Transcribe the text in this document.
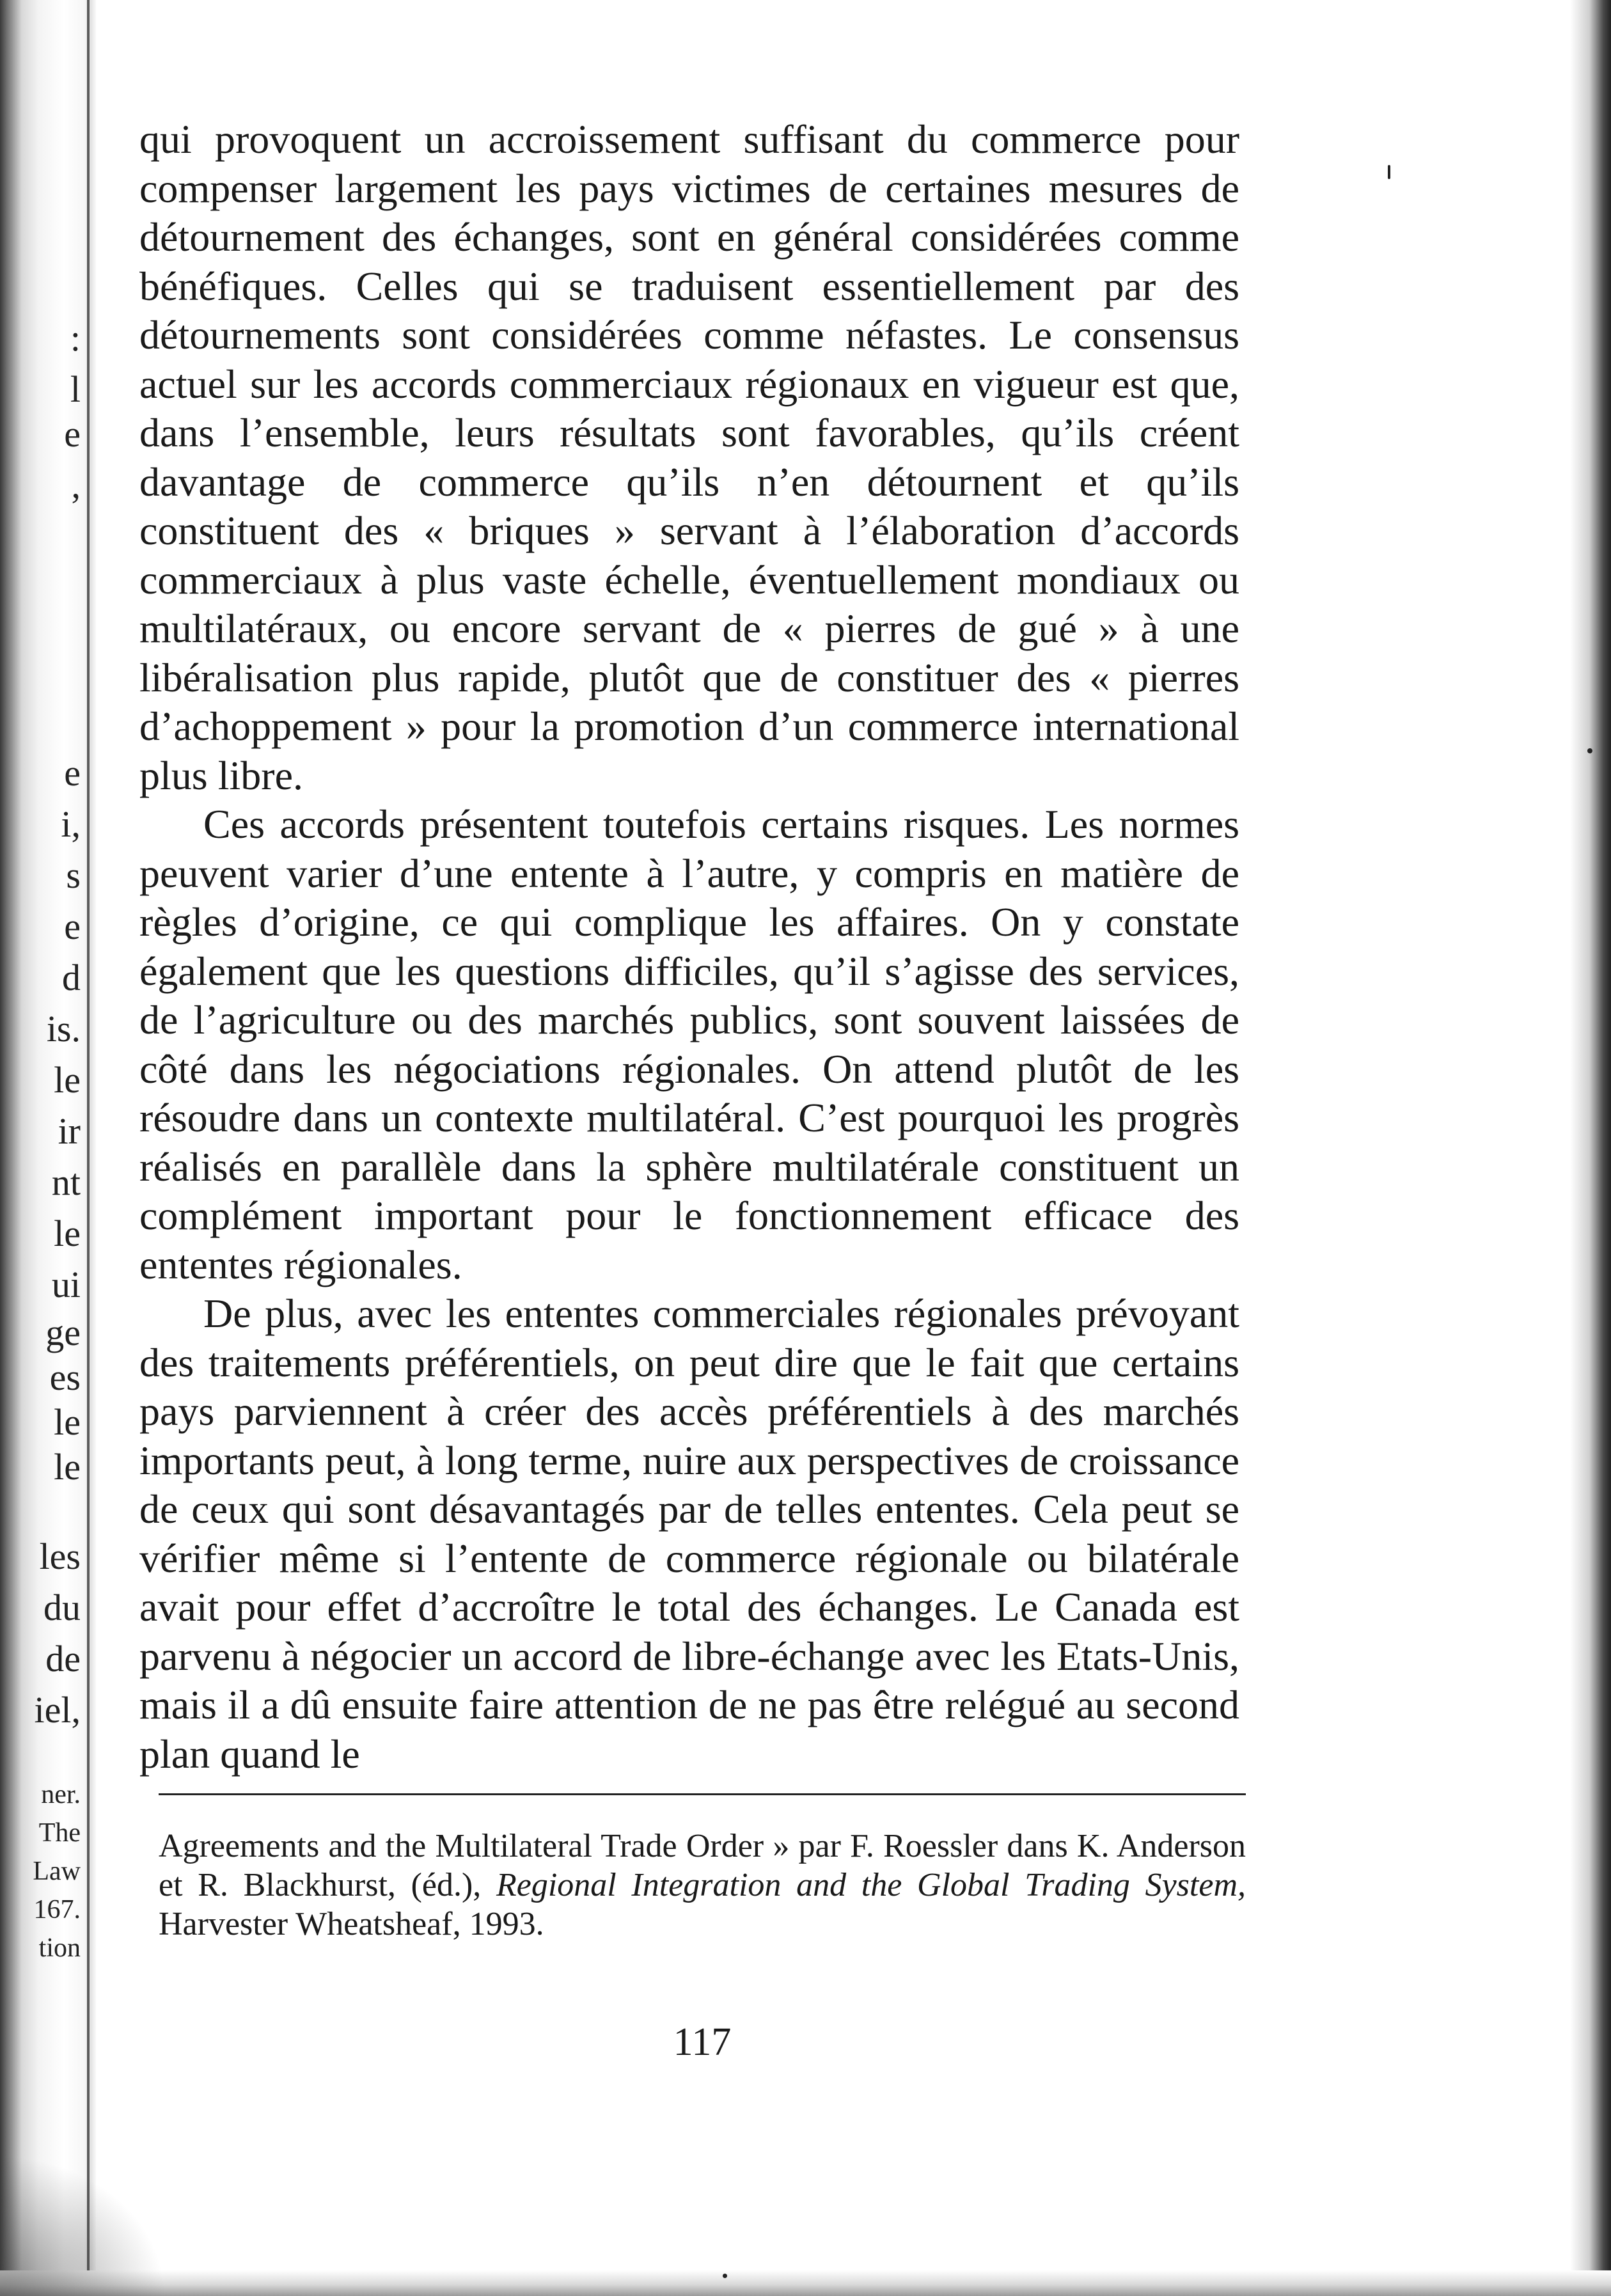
:
l
e
,
e
i,
s
e
d
is.
le
ir
nt
le
ui
ge
es
le
le
les
du
de
iel,
ner.
The
Law
167.
tion

qui provoquent un accroissement suffisant du commerce pour compenser largement les pays victimes de certaines mesures de détournement des échanges, sont en général considérées comme bénéfiques. Celles qui se traduisent essentiellement par des détournements sont considérées comme néfastes. Le consensus actuel sur les accords commerciaux régionaux en vigueur est que, dans l’ensemble, leurs résultats sont favorables, qu’ils créent davantage de commerce qu’ils n’en détournent et qu’ils constituent des « briques » servant à l’élaboration d’accords commerciaux à plus vaste échelle, éventuellement mondiaux ou multilatéraux, ou encore servant de « pierres de gué » à une libéralisation plus rapide, plutôt que de constituer des « pierres d’achoppement » pour la promotion d’un commerce international plus libre.

Ces accords présentent toutefois certains risques. Les normes peuvent varier d’une entente à l’autre, y compris en matière de règles d’origine, ce qui complique les affaires. On y constate également que les questions difficiles, qu’il s’agisse des services, de l’agriculture ou des marchés publics, sont souvent laissées de côté dans les négociations régionales. On attend plutôt de les résoudre dans un contexte multilatéral. C’est pourquoi les progrès réalisés en parallèle dans la sphère multilatérale constituent un complément important pour le fonctionnement efficace des ententes régionales.

De plus, avec les ententes commerciales régionales prévoyant des traitements préférentiels, on peut dire que le fait que certains pays parviennent à créer des accès préférentiels à des marchés importants peut, à long terme, nuire aux perspectives de croissance de ceux qui sont désavantagés par de telles ententes. Cela peut se vérifier même si l’entente de commerce régionale ou bilatérale avait pour effet d’accroître le total des échanges. Le Canada est parvenu à négocier un accord de libre-échange avec les Etats-Unis, mais il a dû ensuite faire attention de ne pas être relégué au second plan quand le

Agreements and the Multilateral Trade Order » par F. Roessler dans K. Anderson et R. Blackhurst, (éd.), Regional Integration and the Global Trading System, Harvester Wheatsheaf, 1993.

117
